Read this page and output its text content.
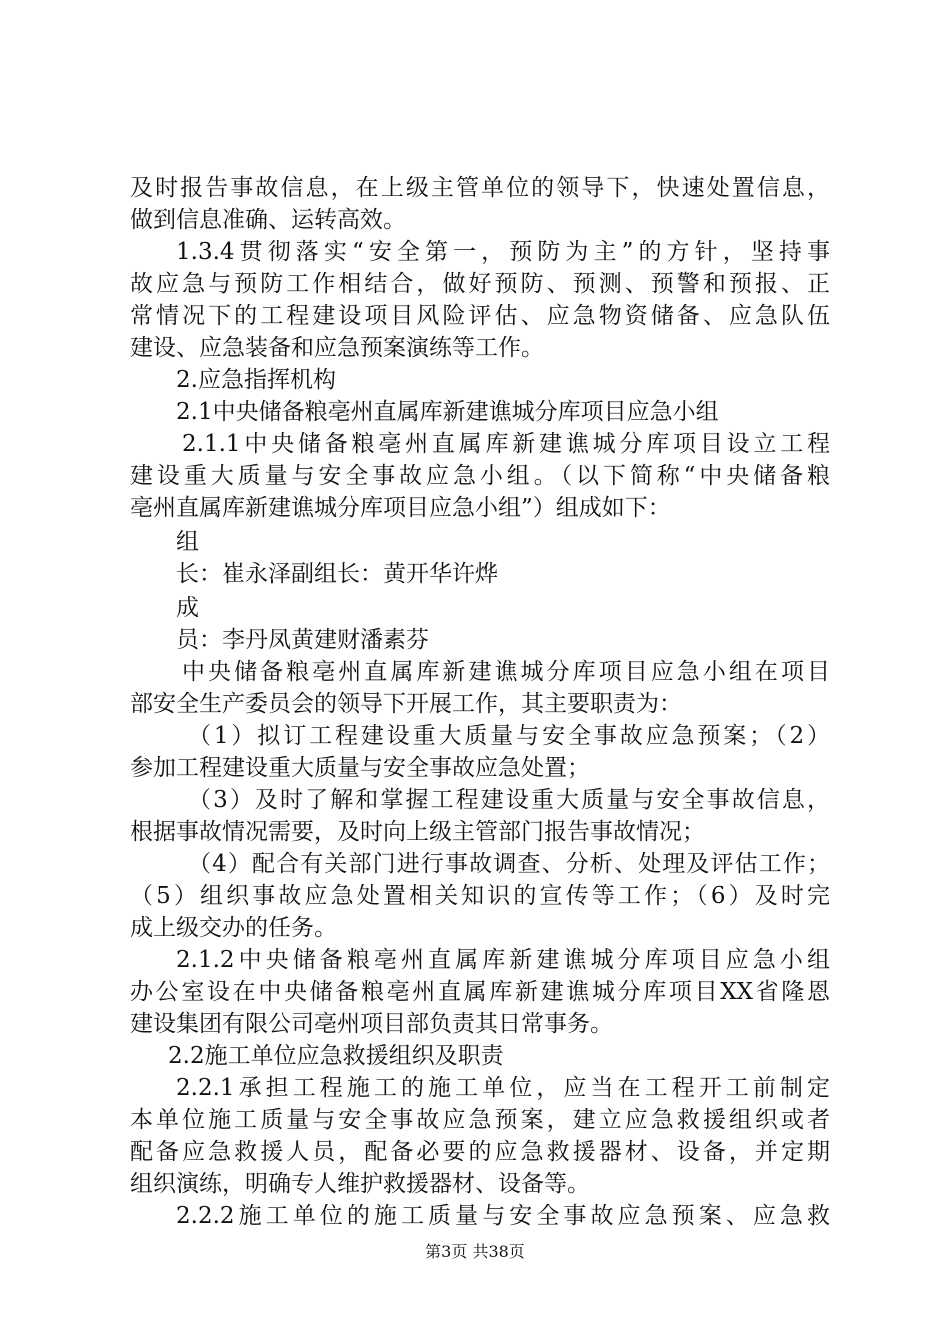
及时报告事故信息，在上级主管单位的领导下，快速处置信息，
做到信息准确、运转高效。
1.3.4贯彻落实“安全第一，预防为主”的方针，坚持事
故应急与预防工作相结合，做好预防、预测、预警和预报、正
常情况下的工程建设项目风险评估、应急物资储备、应急队伍
建设、应急装备和应急预案演练等工作。
2.应急指挥机构
2.1中央储备粮亳州直属库新建谯城分库项目应急小组
2.1.1中央储备粮亳州直属库新建谯城分库项目设立工程
建设重大质量与安全事故应急小组。（以下简称“中央储备粮
亳州直属库新建谯城分库项目应急小组”）组成如下：
组
长：崔永泽副组长：黄开华许烨
成
员：李丹凤黄建财潘素芬
中央储备粮亳州直属库新建谯城分库项目应急小组在项目
部安全生产委员会的领导下开展工作，其主要职责为：
（1）拟订工程建设重大质量与安全事故应急预案；（2）
参加工程建设重大质量与安全事故应急处置；
（3）及时了解和掌握工程建设重大质量与安全事故信息，
根据事故情况需要，及时向上级主管部门报告事故情况；
（4）配合有关部门进行事故调查、分析、处理及评估工作；
（5）组织事故应急处置相关知识的宣传等工作；（6）及时完
成上级交办的任务。
2.1.2中央储备粮亳州直属库新建谯城分库项目应急小组
办公室设在中央储备粮亳州直属库新建谯城分库项目XX省隆恩
建设集团有限公司亳州项目部负责其日常事务。
2.2施工单位应急救援组织及职责
2.2.1承担工程施工的施工单位，应当在工程开工前制定
本单位施工质量与安全事故应急预案，建立应急救援组织或者
配备应急救援人员，配备必要的应急救援器材、设备，并定期
组织演练，明确专人维护救援器材、设备等。
2.2.2施工单位的施工质量与安全事故应急预案、应急救
第3页 共38页
